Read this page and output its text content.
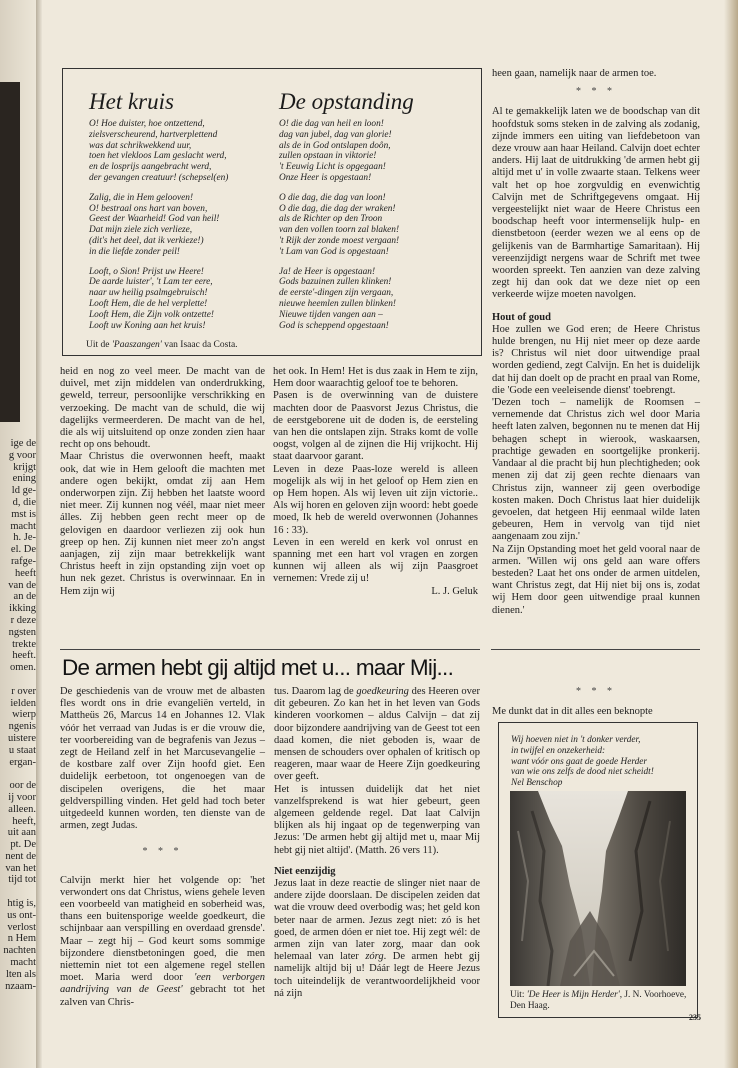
ige de
g voor
krijgt
ening
ld ge-
d, die
mst is
macht
h. Je-
el. De
rafge-
heeft
van de
an de
ikking
r deze
ngsten
trekte
heeft.
omen.

r over
ielden
wierp
ngenis
uistere
u staat
ergan-

oor de
ij voor
alleen.
heeft,
uit aan
pt. De
nent de
van het
tijd tot

htig is,
us ont-
verlost
n Hem
nachten
macht
lten als
nzaam-
Het kruis	De opstanding
O! Hoe duister, hoe ontzettend,
zielsverscheurend, hartverplettend
was dat schrikwekkend uur,
toen het vlekloos Lam geslacht werd,
en de losprijs aangebracht werd,
der gevangen creatuur! (schepsel(en)
Zalig, die in Hem gelooven!
O! bestraal ons hart van boven,
Geest der Waarheid! God van heil!
Dat mijn ziele zich verlieze,
(dit's het deel, dat ik verkieze!)
in die liefde zonder peil!
Looft, o Sion! Prijst uw Heere!
De aarde luister', 't Lam ter eere,
naar uw heilig psalmgebruisch!
Looft Hem, die de hel verplette!
Looft Hem, die Zijn volk ontzette!
Looft uw Koning aan het kruis!
O! die dag van heil en loon!
dag van jubel, dag van glorie!
als de in God ontslapen doôn,
zullen opstaan in viktorie!
't Eeuwig Licht is opgegaan!
Onze Heer is opgestaan!
O die dag, die dag van loon!
O die dag, die dag der wraken!
als de Richter op den Troon
van den vollen toorn zal blaken!
't Rijk der zonde moest vergaan!
't Lam van God is opgestaan!
Ja! de Heer is opgestaan!
Gods bazuinen zullen klinken!
de eerste'-dingen zijn vergaan,
nieuwe heemlen zullen blinken!
Nieuwe tijden vangen aan –
God is scheppend opgestaan!
Uit de 'Paaszangen' van Isaac da Costa.

heid en nog zo veel meer. De macht van de duivel, met zijn middelen van onderdrukking, geweld, terreur, persoonlijke verschrikking en verzoeking. De macht van de schuld, die wij dagelijks vermeerderen. De macht van de hel, die als wij uitsluitend op onze zonden zien haar recht op ons behoudt.

Maar Christus die overwonnen heeft, maakt ook, dat wie in Hem gelooft die machten met andere ogen bekijkt, omdat zij aan Hem onderworpen zijn. Zij hebben het laatste woord niet meer. Zij kunnen nog véél, maar niet meer álles. Zij hebben geen recht meer op de gelovigen en daardoor verliezen zij ook hun greep op hen. Zij kunnen niet meer zo'n angst aanjagen, zij zijn maar betrekkelijk want Christus heeft in zijn opstanding zijn voet op hun nek gezet. Christus is overwinnaar. En in Hem zijn wij

het ook. In Hem! Het is dus zaak in Hem te zijn, Hem door waarachtig geloof toe te behoren.

Pasen is de overwinning van de duistere machten door de Paasvorst Jezus Christus, die de eerstgeborene uit de doden is, de eersteling van hen die ontslapen zijn. Straks komt de volle oogst, volgen al de zijnen die Hij vrijkocht. Hij staat daarvoor garant.

Leven in deze Paas-loze wereld is alleen mogelijk als wij in het geloof op Hem zien en op Hem hopen. Als wij leven uit zijn victorie.. Als wij horen en geloven zijn woord: hebt goede moed, Ik heb de wereld overwonnen (Johannes 16 : 33).

Leven in een wereld en kerk vol onrust en spanning met een hart vol vragen en zorgen kunnen wij alleen als wij zijn Paasgroet vernemen: Vrede zij u!

L. J. Geluk

heen gaan, namelijk naar de armen toe.

* * *

Al te gemakkelijk laten we de boodschap van dit hoofdstuk soms steken in de zalving als zodanig, zijnde immers een uiting van liefdebetoon van deze vrouw aan haar Heiland. Calvijn doet echter anders. Hij laat de uitdrukking 'de armen hebt gij altijd met u' in volle zwaarte staan. Telkens weer valt het op hoe zorgvuldig en evenwichtig Calvijn met de Schriftgegevens omgaat. Hij vergeestelijkt niet waar de Heere Christus een boodschap heeft voor intermenselijk hulp- en dienstbetoon (eerder wezen we al eens op de gelijkenis van de Barmhartige Samaritaan). Hij vereenzijdigt nergens waar de Schrift met twee woorden spreekt. Ten aanzien van deze zalving zegt hij dan ook dat we deze niet op een verkeerde wijze moeten navolgen.

Hout of goud

Hoe zullen we God eren; de Heere Christus hulde brengen, nu Hij niet meer op deze aarde is? Christus wil niet door uitwendige praal worden gediend, zegt Calvijn. En het is duidelijk dat hij dan doelt op de pracht en praal van Rome, die 'Gode een veeleisende dienst' toebrengt.

'Dezen toch – namelijk de Roomsen – vernemende dat Christus zich wel door Maria heeft laten zalven, begonnen nu te menen dat Hij behagen schept in wierook, waskaarsen, prachtige gewaden en soortgelijke pronkerij. Vandaar al die pracht bij hun plechtigheden; ook menen zij dat zij geen rechte dienaars van Christus zijn, wanneer zij geen overbodige kosten maken. Doch Christus laat hier duidelijk gevoelen, dat hetgeen Hij eenmaal wilde laten gebeuren, Hem in vervolg van tijd niet aangenaam zou zijn.'

Na Zijn Opstanding moet het geld vooral naar de armen. 'Willen wij ons geld aan ware offers besteden? Laat het ons onder de armen uitdelen, want Christus zegt, dat Hij niet bij ons is, zodat wij Hem door geen uitwendige praal kunnen dienen.'

De armen hebt gij altijd met u... maar Mij...

De geschiedenis van de vrouw met de albasten fles wordt ons in drie evangeliën verteld, in Mattheüs 26, Marcus 14 en Johannes 12. Vlak vóór het verraad van Judas is er die vrouw die, ter voorbereiding van de begrafenis van Jezus – zegt de Heiland zelf in het Marcusevangelie – de kostbare zalf over Zijn hoofd giet. Een duidelijk eerbetoon, tot ongenoegen van de discipelen overigens, die het maar geldverspilling vinden. Het geld had toch beter uitgedeeld kunnen worden, ten dienste van de armen, zegt Judas.

* * *

Calvijn merkt hier het volgende op: 'het verwondert ons dat Christus, wiens gehele leven een voorbeeld van matigheid en soberheid was, thans een buitensporige weelde goedkeurt, die schijnbaar aan verspilling en overdaad grensde'. Maar – zegt hij – God keurt soms sommige bijzondere dienstbetoningen goed, die men niettemin niet tot een algemene regel stellen moet. Maria werd door 'een verborgen aandrijving van de Geest' gebracht tot het zalven van Chris-

tus. Daarom lag de goedkeuring des Heeren over dit gebeuren. Zo kan het in het leven van Gods kinderen voorkomen – aldus Calvijn – dat zij door bijzondere aandrijving van de Geest tot een daad komen, die niet geboden is, waar de mensen de schouders over ophalen of kritisch op reageren, maar waar de Heere Zijn goedkeuring over geeft.

Het is intussen duidelijk dat het niet vanzelfsprekend is wat hier gebeurt, geen algemeen geldende regel. Dat laat Calvijn blijken als hij ingaat op de tegenwerping van Jezus: 'De armen hebt gij altijd met u, maar Mij hebt gij niet altijd'. (Matth. 26 vers 11).

Niet eenzijdig

Jezus laat in deze reactie de slinger niet naar de andere zijde doorslaan. De discipelen zeiden dat wat die vrouw deed overbodig was; het geld kon beter naar de armen. Jezus zegt niet: zó is het goed, de armen dóen er niet toe. Hij zegt wél: de armen zijn van later zorg, maar dan ook helemaal van later zórg. De armen hebt gij namelijk altijd bij u! Dáár legt de Heere Jezus toch uiteindelijk de verantwoordelijkheid voor ná zijn

* * *

Me dunkt dat in dit alles een beknopte

Wij hoeven niet in 't donker verder,
in twijfel en onzekerheid:
want vóór ons gaat de goede Herder
van wie ons zelfs de dood niet scheidt!
Nel Benschop
Uit: 'De Heer is Mijn Herder', J. N. Voorhoeve, Den Haag.
235
